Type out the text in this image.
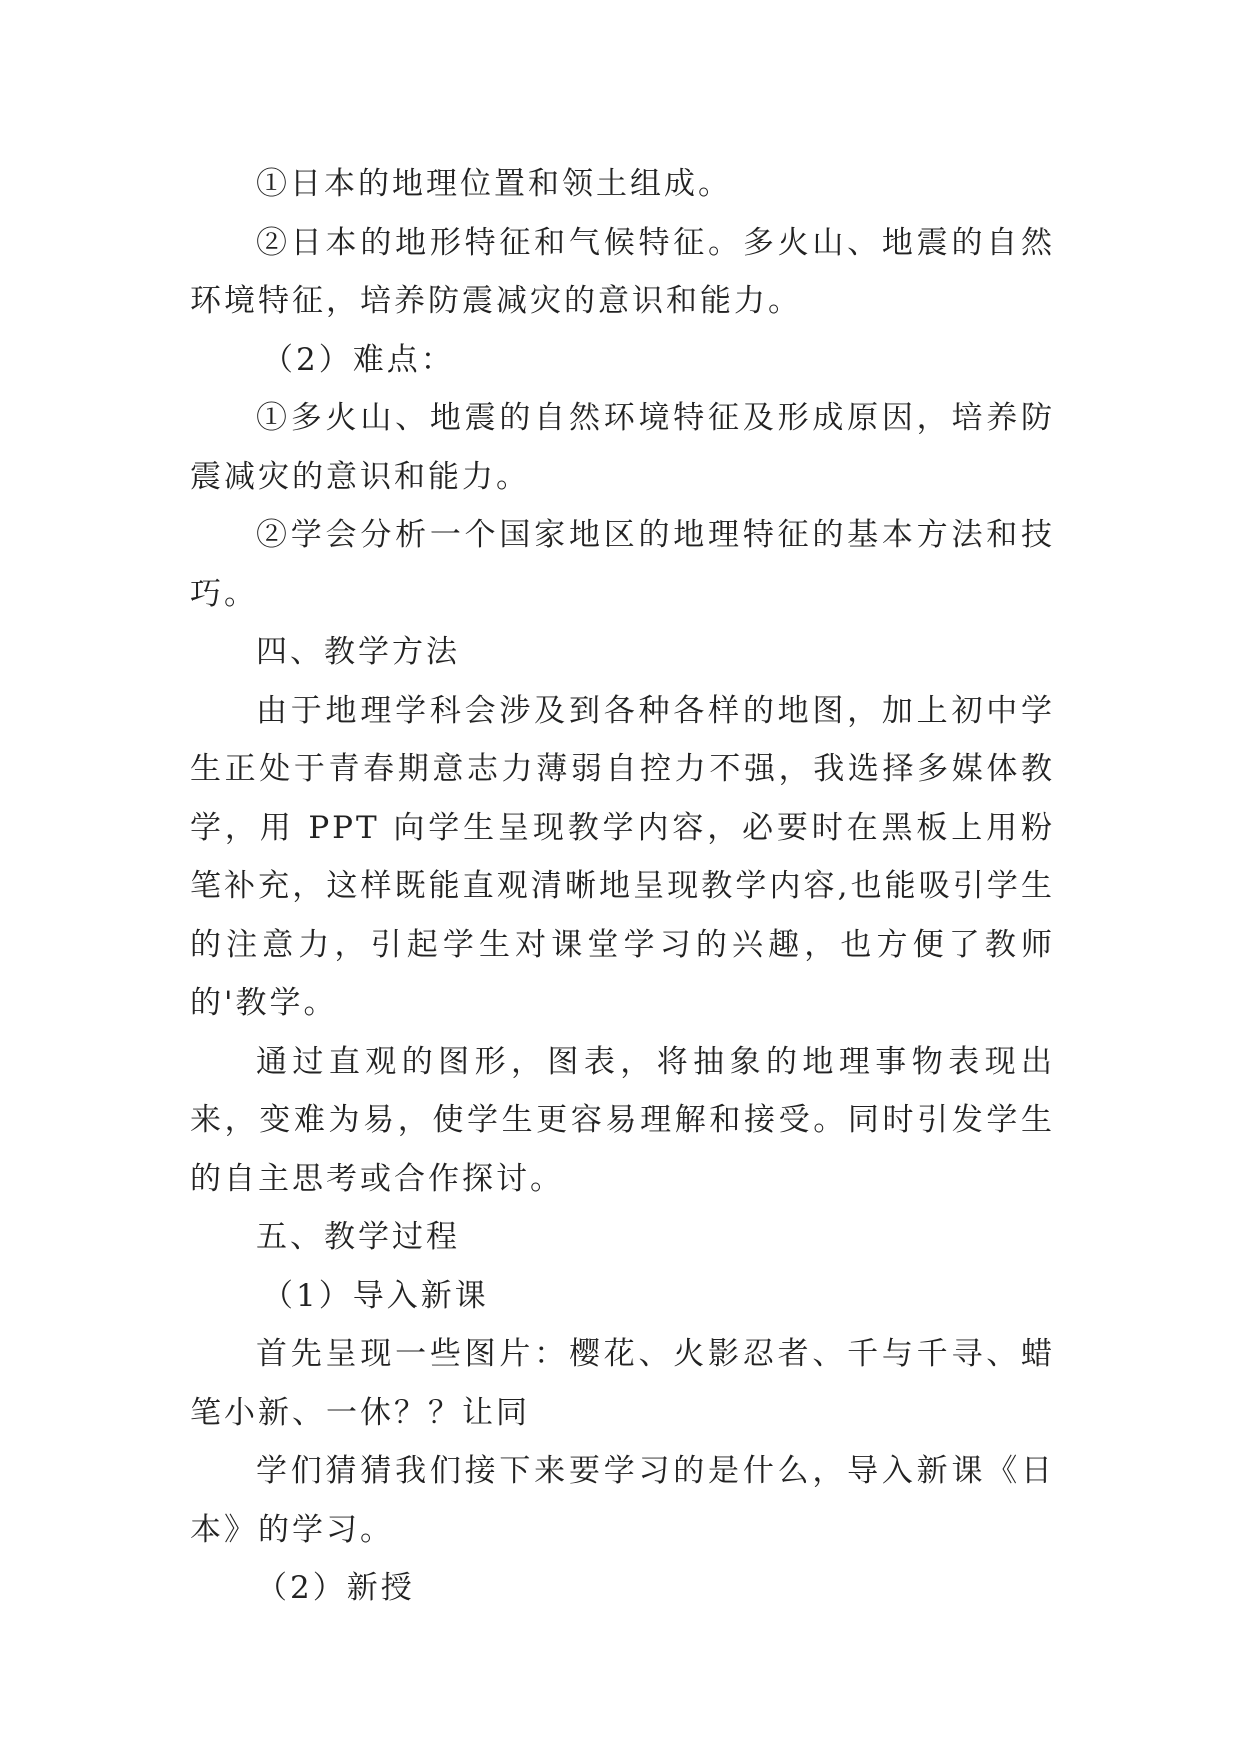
①日本的地理位置和领土组成。

②日本的地形特征和气候特征。多火山、地震的自然环境特征，培养防震减灾的意识和能力。

（2）难点：

①多火山、地震的自然环境特征及形成原因，培养防震减灾的意识和能力。

②学会分析一个国家地区的地理特征的基本方法和技巧。

四、教学方法

由于地理学科会涉及到各种各样的地图，加上初中学生正处于青春期意志力薄弱自控力不强，我选择多媒体教学，用 PPT 向学生呈现教学内容，必要时在黑板上用粉笔补充，这样既能直观清晰地呈现教学内容,也能吸引学生的注意力，引起学生对课堂学习的兴趣，也方便了教师的'教学。

通过直观的图形，图表，将抽象的地理事物表现出来，变难为易，使学生更容易理解和接受。同时引发学生的自主思考或合作探讨。

五、教学过程

（1）导入新课

首先呈现一些图片：樱花、火影忍者、千与千寻、蜡笔小新、一休？？让同

学们猜猜我们接下来要学习的是什么，导入新课《日本》的学习。

（2）新授
